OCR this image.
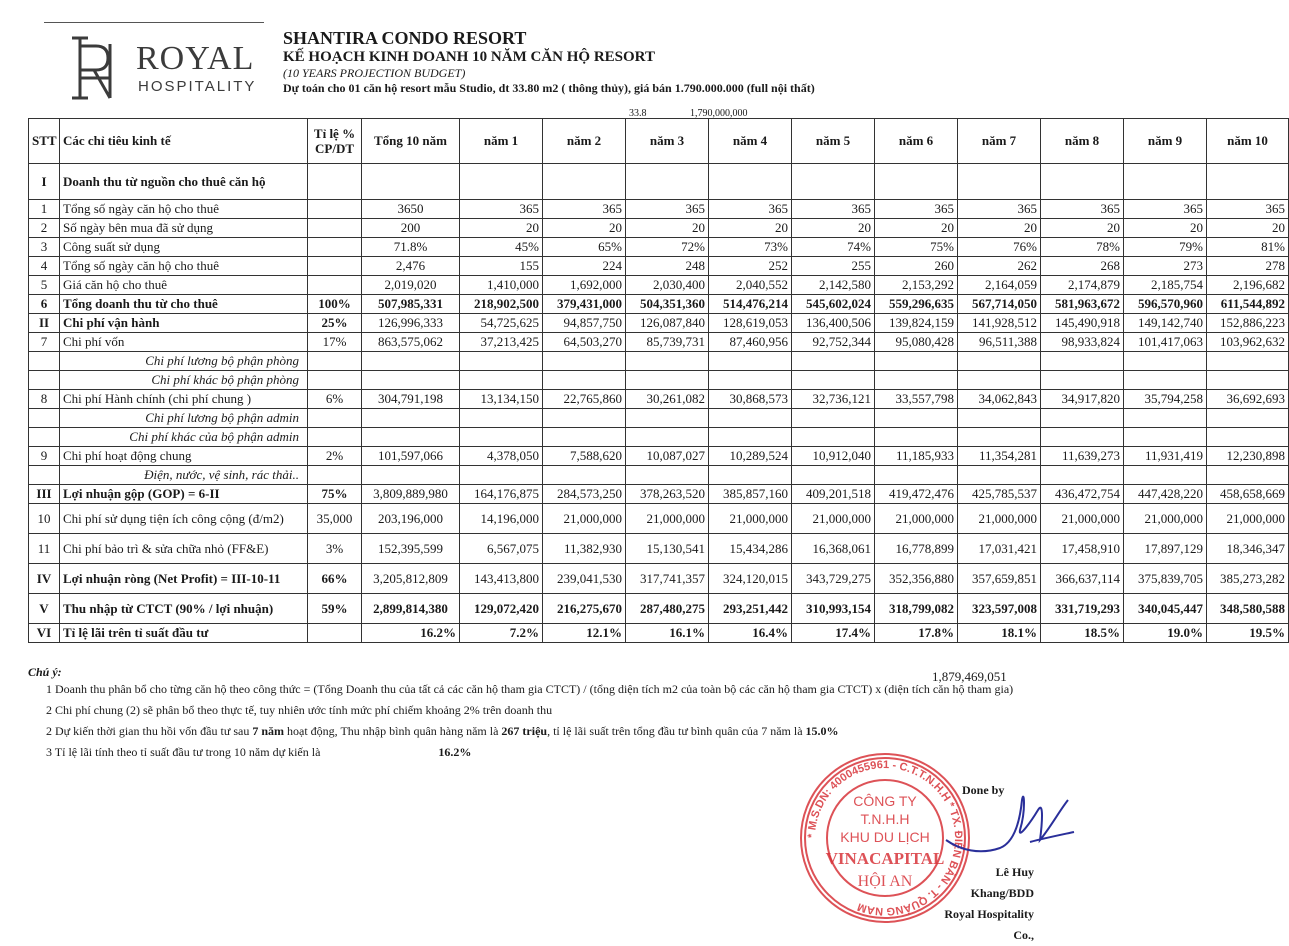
ROYAL
HOSPITALITY
SHANTIRA CONDO RESORT
KẾ HOẠCH KINH DOANH 10 NĂM CĂN HỘ RESORT
(10 YEARS PROJECTION BUDGET)
Dự toán cho 01 căn hộ resort mẫu Studio, dt 33.80 m2 ( thông thủy), giá bán 1.790.000.000 (full nội thất)
33.8	1,790,000,000
STT	Các chỉ tiêu kinh tế	Tỉ lệ % CP/DT	Tổng 10 năm	năm 1	năm 2	năm 3	năm 4	năm 5	năm 6	năm 7	năm 8	năm 9	năm 10
I	Doanh thu từ nguồn cho thuê căn hộ												
1	Tổng số ngày căn hộ cho thuê		3650	365	365	365	365	365	365	365	365	365	365
2	Số ngày bên mua đã sử dụng		200	20	20	20	20	20	20	20	20	20	20
3	Công suất sử dụng		71.8%	45%	65%	72%	73%	74%	75%	76%	78%	79%	81%
4	Tổng số ngày căn hộ cho thuê		2,476	155	224	248	252	255	260	262	268	273	278
5	Giá căn hộ cho thuê		2,019,020	1,410,000	1,692,000	2,030,400	2,040,552	2,142,580	2,153,292	2,164,059	2,174,879	2,185,754	2,196,682
6	Tổng doanh thu từ cho thuê	100%	507,985,331	218,902,500	379,431,000	504,351,360	514,476,214	545,602,024	559,296,635	567,714,050	581,963,672	596,570,960	611,544,892
II	Chi phí vận hành	25%	126,996,333	54,725,625	94,857,750	126,087,840	128,619,053	136,400,506	139,824,159	141,928,512	145,490,918	149,142,740	152,886,223
7	Chi phí vốn	17%	863,575,062	37,213,425	64,503,270	85,739,731	87,460,956	92,752,344	95,080,428	96,511,388	98,933,824	101,417,063	103,962,632
	Chi phí lương bộ phận phòng												
	Chi phí khác bộ phận phòng												
8	Chi phí Hành chính (chi phí chung )	6%	304,791,198	13,134,150	22,765,860	30,261,082	30,868,573	32,736,121	33,557,798	34,062,843	34,917,820	35,794,258	36,692,693
	Chi phí lương bộ phận admin												
	Chi phí khác của bộ phận admin												
9	Chi phí hoạt động chung	2%	101,597,066	4,378,050	7,588,620	10,087,027	10,289,524	10,912,040	11,185,933	11,354,281	11,639,273	11,931,419	12,230,898
	Điện, nước, vệ sinh, rác thải..												
III	Lợi nhuận gộp (GOP) = 6-II	75%	3,809,889,980	164,176,875	284,573,250	378,263,520	385,857,160	409,201,518	419,472,476	425,785,537	436,472,754	447,428,220	458,658,669
10	Chi phí sử dụng tiện ích công cộng (đ/m2)	35,000	203,196,000	14,196,000	21,000,000	21,000,000	21,000,000	21,000,000	21,000,000	21,000,000	21,000,000	21,000,000	21,000,000
11	Chi phí bảo trì & sửa chữa nhỏ (FF&E)	3%	152,395,599	6,567,075	11,382,930	15,130,541	15,434,286	16,368,061	16,778,899	17,031,421	17,458,910	17,897,129	18,346,347
IV	Lợi nhuận ròng (Net Profit) = III-10-11	66%	3,205,812,809	143,413,800	239,041,530	317,741,357	324,120,015	343,729,275	352,356,880	357,659,851	366,637,114	375,839,705	385,273,282
V	Thu nhập từ CTCT (90% / lợi nhuận)	59%	2,899,814,380	129,072,420	216,275,670	287,480,275	293,251,442	310,993,154	318,799,082	323,597,008	331,719,293	340,045,447	348,580,588
VI	Tỉ lệ lãi trên tỉ suất đầu tư		16.2%	7.2%	12.1%	16.1%	16.4%	17.4%	17.8%	18.1%	18.5%	19.0%	19.5%
1,879,469,051
Chú ý:
1 Doanh thu phân bổ cho từng căn hộ theo công thức = (Tổng Doanh thu của tất cả các căn hộ tham gia CTCT) / (tổng diện tích m2 của toàn bộ các căn hộ tham gia CTCT) x (diện tích căn hộ tham gia)
2 Chi phí chung (2) sẽ phân bổ theo thực tế, tuy nhiên ước tính mức phí chiếm khoảng 2% trên doanh thu
2 Dự kiến thời gian thu hồi vốn đầu tư sau 7 năm hoạt động, Thu nhập bình quân hàng năm là 267 triệu, tỉ lệ lãi suất trên tổng đầu tư bình quân của 7 năm là 15.0%
3 Tỉ lệ lãi tính theo tỉ suất đầu tư trong 10 năm dự kiến là	16.2%
* M.S.DN: 4000455961 - C.T.T.N.H.H * TX. ĐIỆN BÀN - T. QUẢNG NAM
CÔNG TY
T.N.H.H
KHU DU LỊCH
VINACAPITAL
HỘI AN
Done by
Lê Huy Khang/BDD
Royal Hospitality Co.,
